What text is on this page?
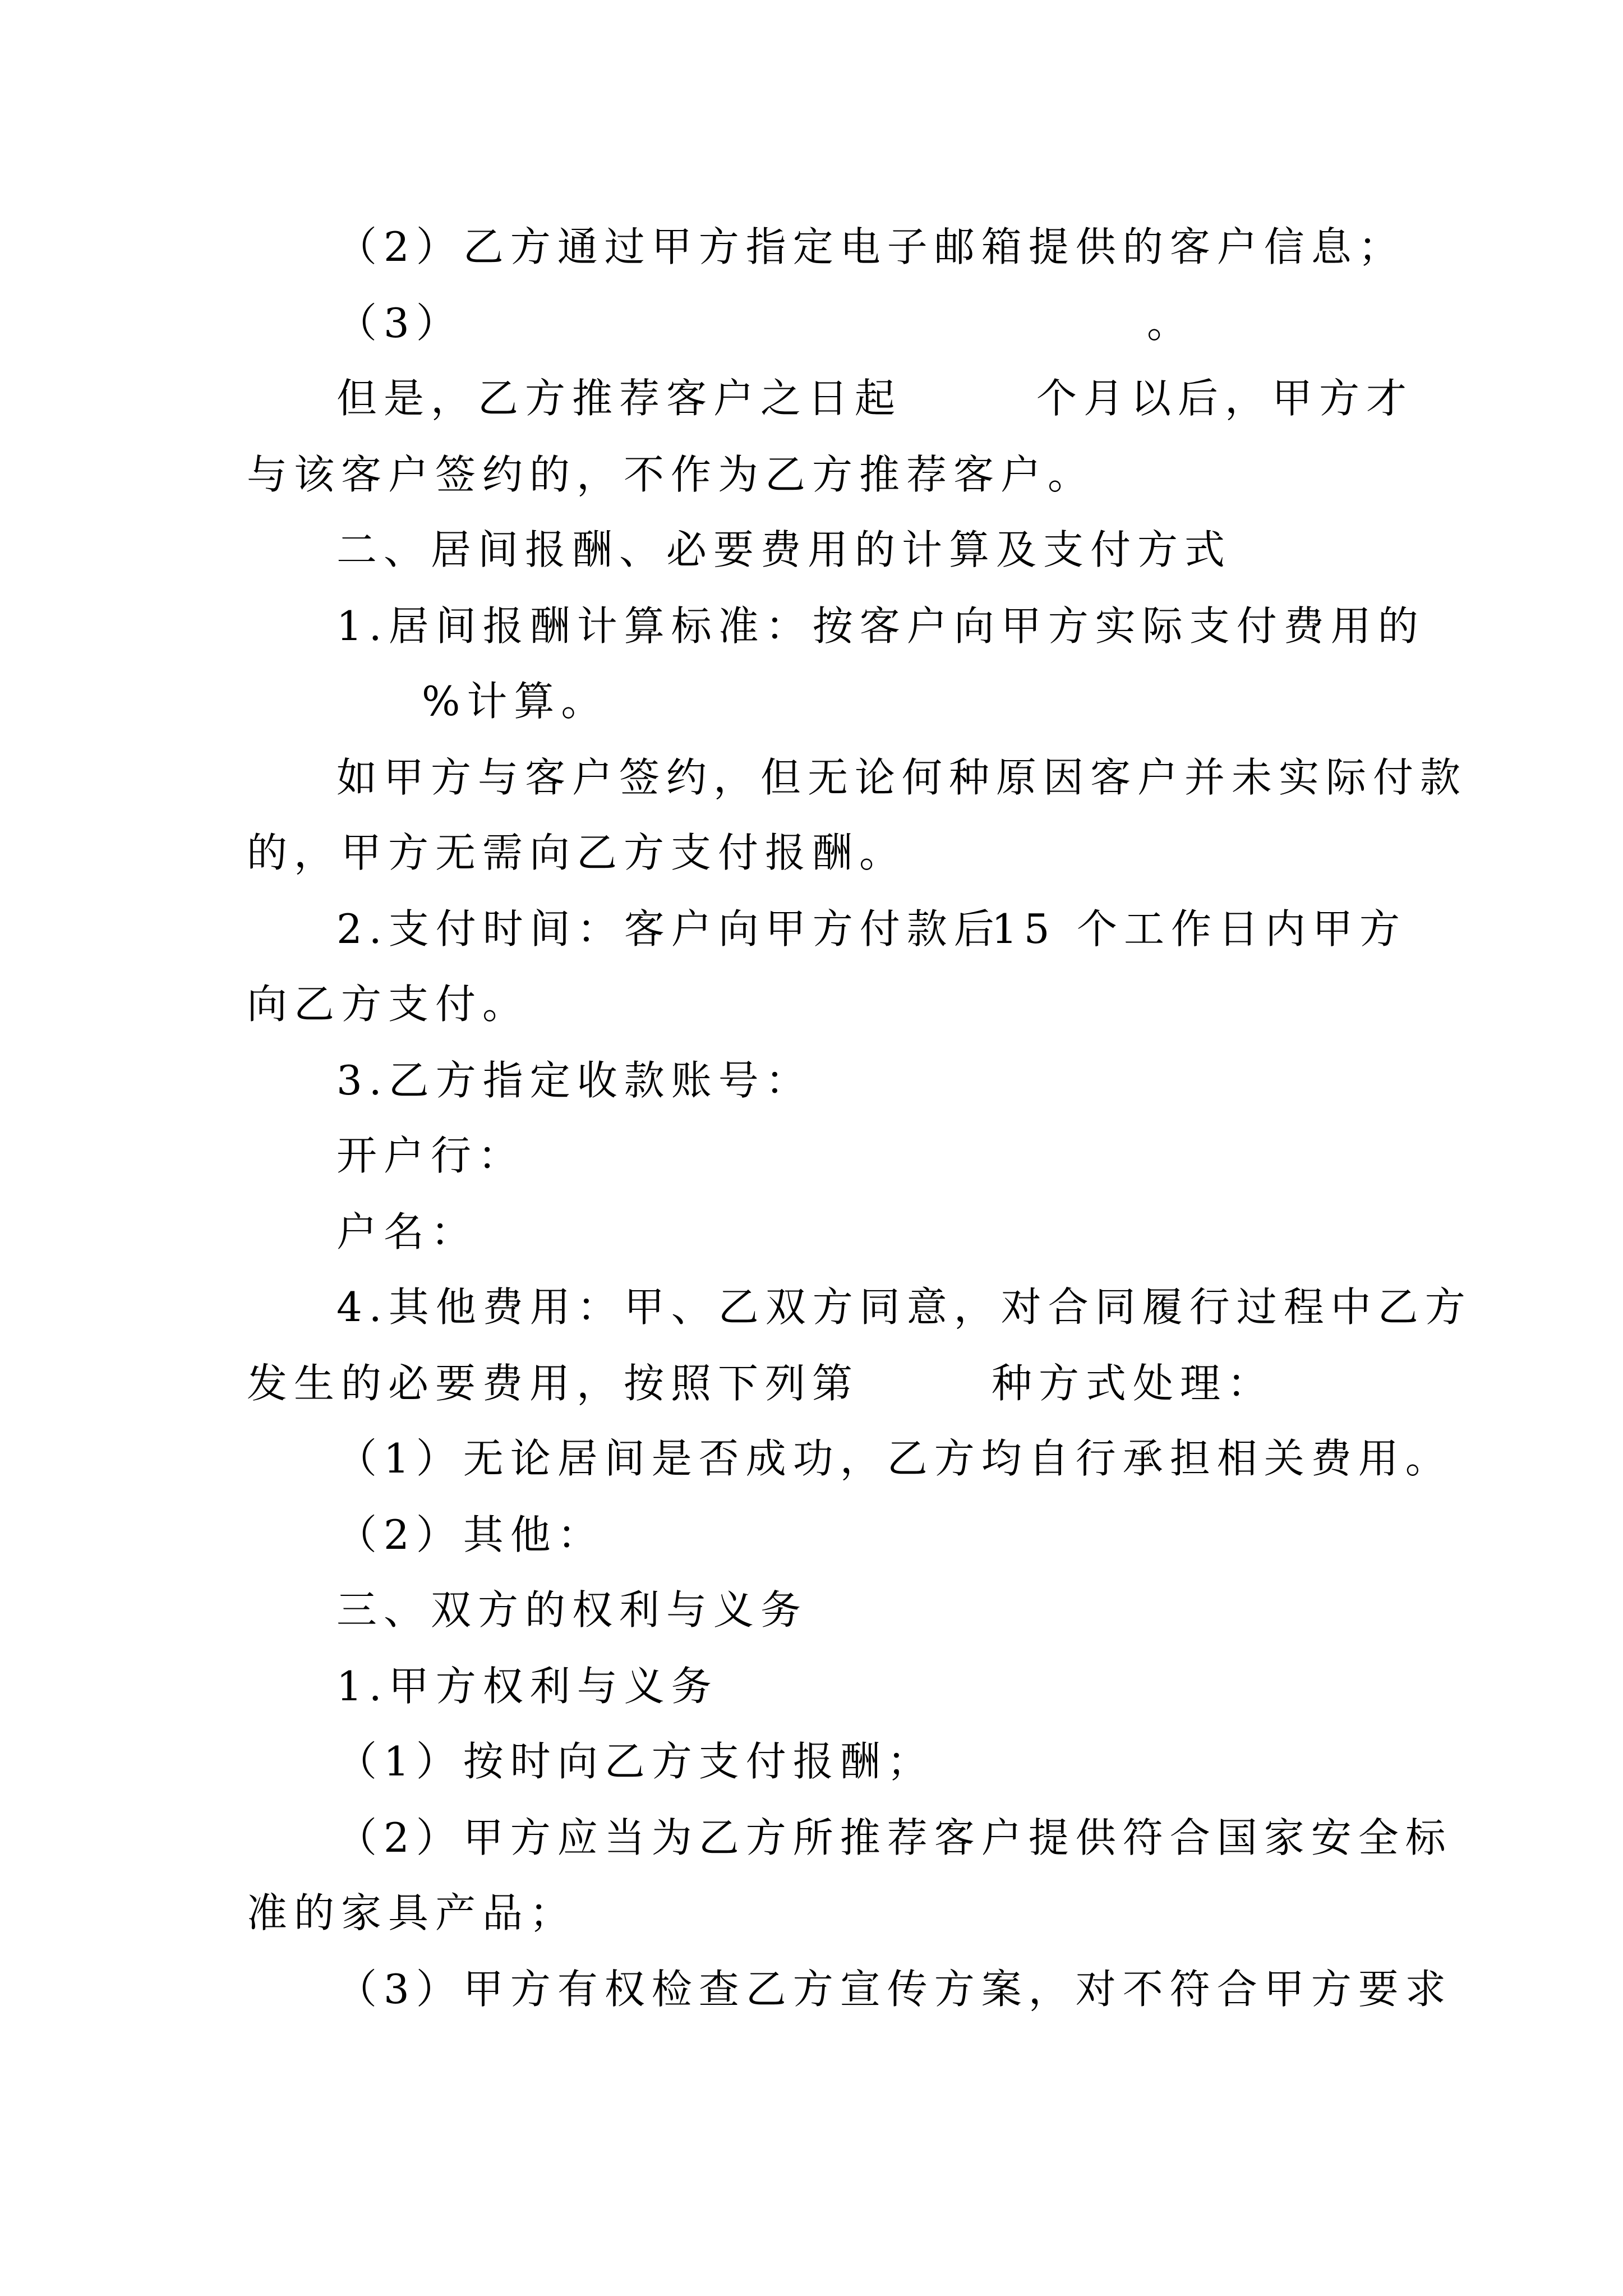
（2）乙方通过甲方指定电子邮箱提供的客户信息；
（3）	。
但是，乙方推荐客户之日起	个月以后，甲方才
与该客户签约的，不作为乙方推荐客户。
二、居间报酬、必要费用的计算及支付方式
1.居间报酬计算标准：按客户向甲方实际支付费用的
%计算。
如甲方与客户签约，但无论何种原因客户并未实际付款
的，甲方无需向乙方支付报酬。
2.支付时间：客户向甲方付款后
15 个工作日内甲方
向乙方支付。
3.乙方指定收款账号：
开户行：
户名：
4.其他费用：甲、乙双方同意，对合同履行过程中乙方
发生的必要费用，按照下列第	种方式处理：
（1）无论居间是否成功，乙方均自行承担相关费用。
（2）其他：
三、双方的权利与义务
1.甲方权利与义务
（1）按时向乙方支付报酬；
（2）甲方应当为乙方所推荐客户提供符合国家安全标
准的家具产品；
（3）甲方有权检查乙方宣传方案，对不符合甲方要求
